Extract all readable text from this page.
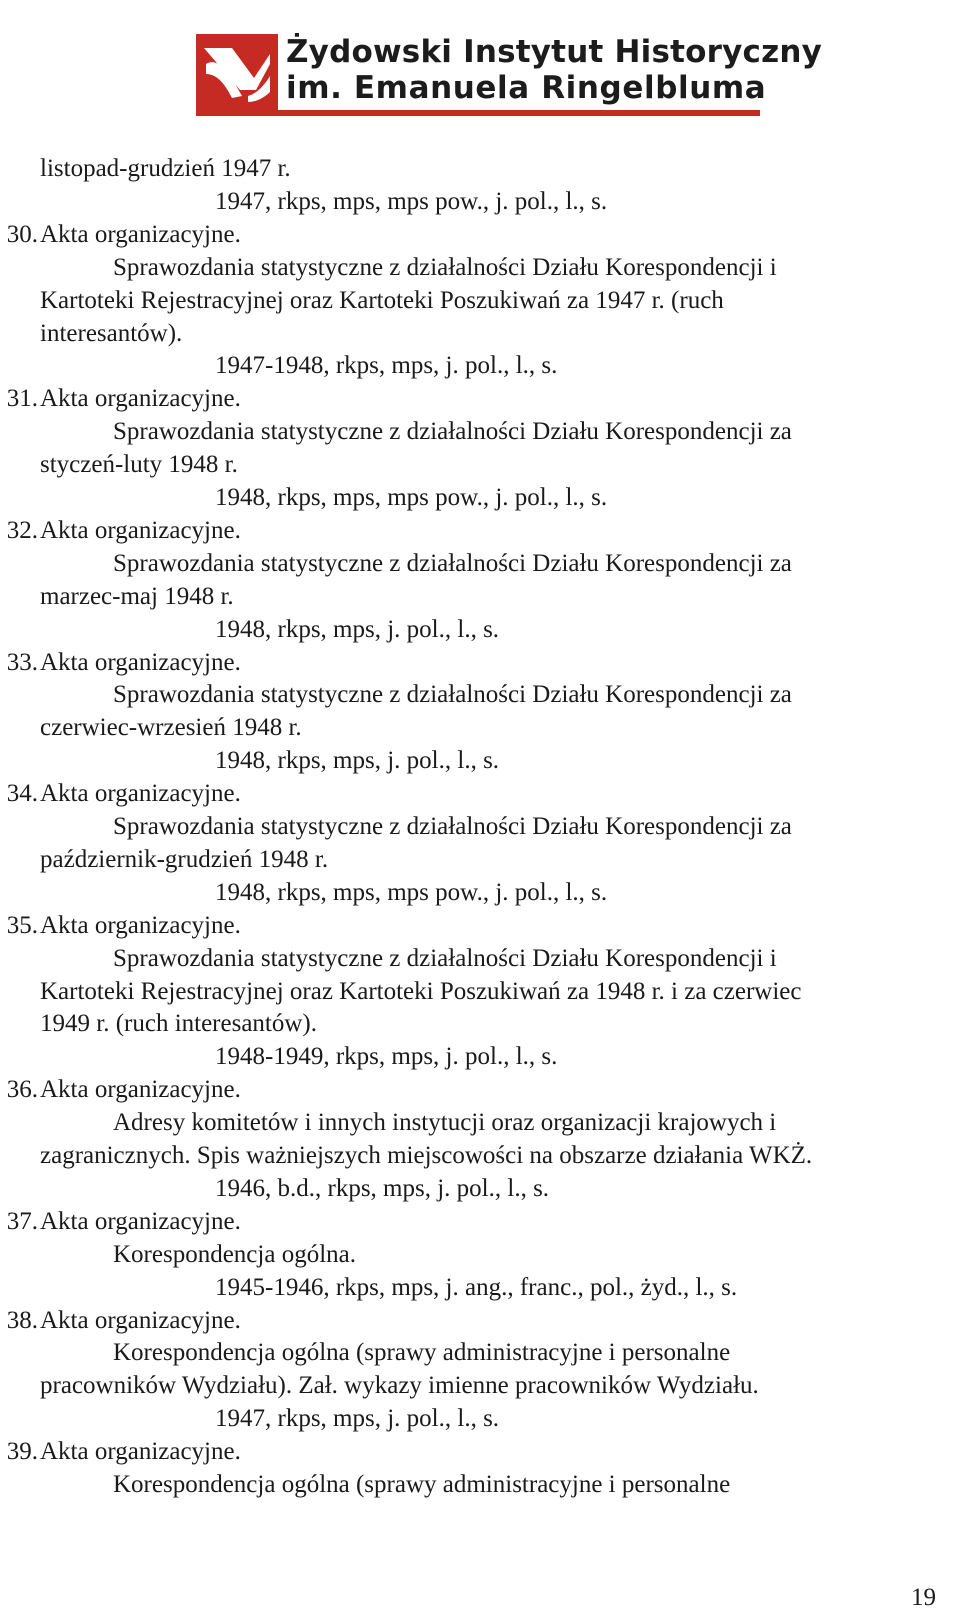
Żydowski Instytut Historyczny
im. Emanuela Ringelbluma
listopad-grudzień 1947 r.
1947, rkps, mps, mps pow., j. pol., l., s.
30. Akta organizacyjne.
Sprawozdania statystyczne z działalności Działu Korespondencji i
Kartoteki Rejestracyjnej oraz Kartoteki Poszukiwań za 1947 r. (ruch
interesantów).
1947-1948, rkps, mps, j. pol., l., s.
31. Akta organizacyjne.
Sprawozdania statystyczne z działalności Działu Korespondencji za
styczeń-luty 1948 r.
1948, rkps, mps, mps pow., j. pol., l., s.
32. Akta organizacyjne.
Sprawozdania statystyczne z działalności Działu Korespondencji za
marzec-maj 1948 r.
1948, rkps, mps, j. pol., l., s.
33. Akta organizacyjne.
Sprawozdania statystyczne z działalności Działu Korespondencji za
czerwiec-wrzesień 1948 r.
1948, rkps, mps, j. pol., l., s.
34. Akta organizacyjne.
Sprawozdania statystyczne z działalności Działu Korespondencji za
październik-grudzień 1948 r.
1948, rkps, mps, mps pow., j. pol., l., s.
35. Akta organizacyjne.
Sprawozdania statystyczne z działalności Działu Korespondencji i
Kartoteki Rejestracyjnej oraz Kartoteki Poszukiwań za 1948 r. i za czerwiec
1949 r. (ruch interesantów).
1948-1949, rkps, mps, j. pol., l., s.
36. Akta organizacyjne.
Adresy komitetów i innych instytucji oraz organizacji krajowych i
zagranicznych. Spis ważniejszych miejscowości na obszarze działania WKŻ.
1946, b.d., rkps, mps, j. pol., l., s.
37. Akta organizacyjne.
Korespondencja ogólna.
1945-1946, rkps, mps, j. ang., franc., pol., żyd., l., s.
38. Akta organizacyjne.
Korespondencja ogólna (sprawy administracyjne i personalne
pracowników Wydziału). Zał. wykazy imienne pracowników Wydziału.
1947, rkps, mps, j. pol., l., s.
39. Akta organizacyjne.
Korespondencja ogólna (sprawy administracyjne i personalne
19
